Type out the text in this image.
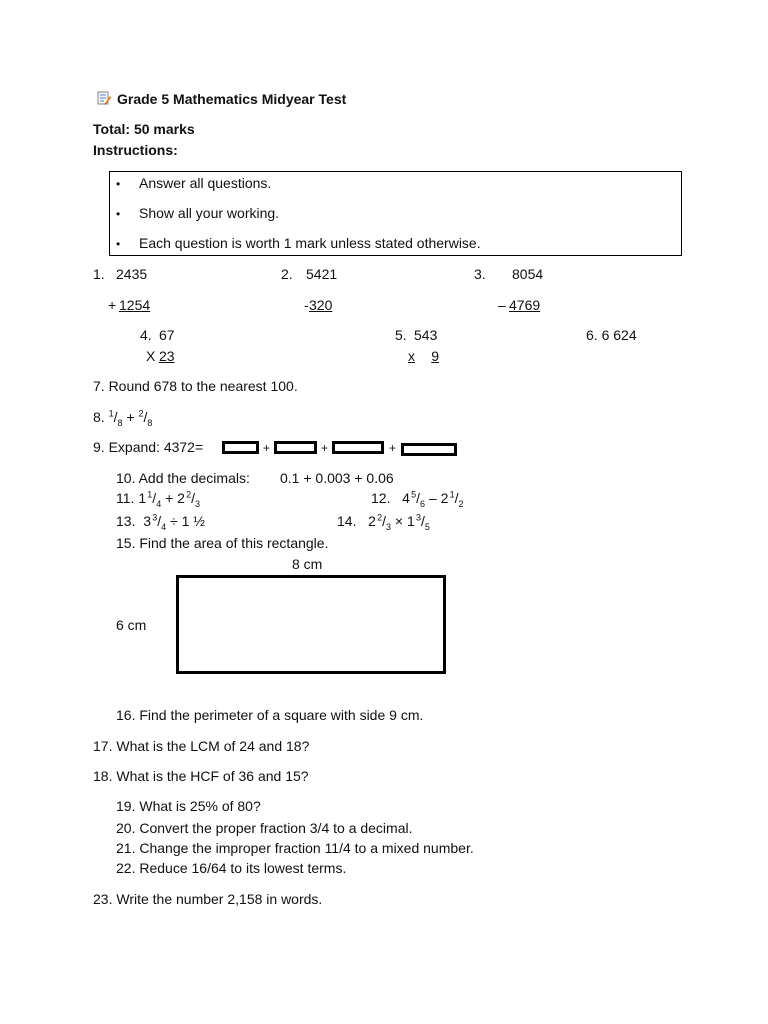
Grade 5 Mathematics Midyear Test
Total: 50 marks
Instructions:
• Answer all questions.
• Show all your working.
• Each question is worth 1 mark unless stated otherwise.
1. 2435
+ 1254
2. 5421
- 320
3. 8054
– 4769
4. 67
X 23
5. 543
x	9
6. 6 624
7. Round 678 to the nearest 100.
8. $^1/_8 + ^2/_8$
9. Expand: 4372=	+	+	+
10. Add the decimals: 0.1 + 0.003 + 0.06
11. 1 $^1/_4 + 2$ $^2/_3$	12. 4 $^5/_6 - 2$ $^1/_2$
13. 3 $^3/_4 \div 1$ ½	14. 2 $^2/_3 \times 1$ $^3/_5$
15. Find the area of this rectangle.
8 cm
6 cm
16. Find the perimeter of a square with side 9 cm.
17. What is the LCM of 24 and 18?
18. What is the HCF of 36 and 15?
19. What is 25% of 80?
20. Convert the proper fraction 3/4 to a decimal.
21. Change the improper fraction 11/4 to a mixed number.
22. Reduce 16/64 to its lowest terms.
23. Write the number 2,158 in words.
